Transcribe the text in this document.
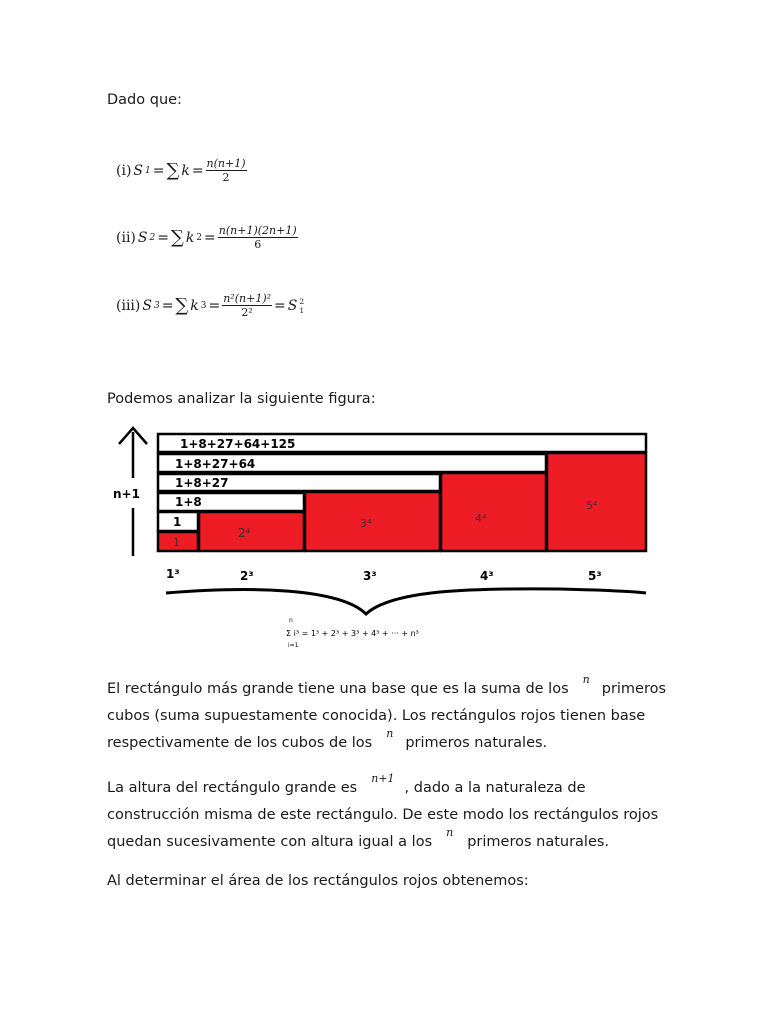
Dado que:
(i) S 1 = ∑ $k = \frac{n(n+1)}{2}$
(ii) S 2 = ∑ k $2 = \frac{n(n+1)(2n+1)}{6}$
(iii) S 3 = ∑ k $3 = \frac{\text{n²(n+1)²}}{\text{2²}} = S$ 2
1
Podemos analizar la siguiente figura:
n+1
1+8+27+64+125
1+8+27+64
1+8+27
1+8
1
1
2⁴
3⁴	4⁴
5⁴
1³	2³	3³	4³	5³
n
i=1
Σ i³ = 1³ + 2³ + 3³ + 4³ + ··· + n³
El rectángulo más grande tiene una base que es la suma de los$^n$primeros
cubos (suma supuestamente conocida). Los rectángulos rojos tienen base
respectivamente de los cubos de los$^n$primeros naturales.
La altura del rectángulo grande $es^{n+1}$, dado a la naturaleza de
construcción misma de este rectángulo. De este modo los rectángulos rojos
quedan sucesivamente con altura igual a los$^n$primeros naturales.
Al determinar el área de los rectángulos rojos obtenemos:
